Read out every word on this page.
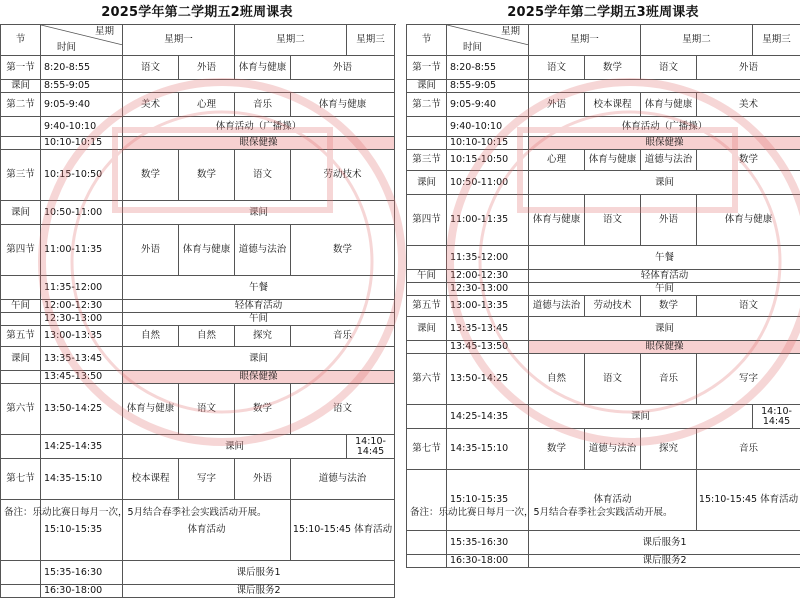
2025学年第二学期五2班周课表
节	星期
时间	星期一		星期二		星期三		
第一节	8:20-8:55	语文	外语	体育与健康	外语	
课间	8:55-9:05						
第二节	9:05-9:40	美术	心理	音乐	体育与健康	
	9:40-10:10	体育活动（广播操）					
	10:10-10:15	眼保健操					
第三节	10:15-10:50	数学	数学	语文	劳动技术	
课间	10:50-11:00	课间					
第四节	11:00-11:35	外语	体育与健康	道德与法治	数学	
	11:35-12:00	午餐					
午间	12:00-12:30	轻体育活动					
	12:30-13:00	午间					
第五节	13:00-13:35	自然	自然	探究	音乐	
课间	13:35-13:45	课间					
	13:45-13:50	眼保健操					
第六节	13:50-14:25	体育与健康	语文	数学	语文	
	14:25-14:35	课间				14:10-14:45	
第七节	14:35-15:10	校本课程	写字	外语	道德与法治	
	15:10-15:35	体育活动			15:10-15:45 体育活动	
	15:35-16:30	课后服务1					
	16:30-18:00	课后服务2					
备注：乐动比赛日每月一次，5月结合春季社会实践活动开展。
2025学年第二学期五3班周课表
节	星期
时间	星期一		星期二		星期三		
第一节	8:20-8:55	语文	数学	语文	外语	
课间	8:55-9:05						
第二节	9:05-9:40	外语	校本课程	体育与健康	美术	
	9:40-10:10	体育活动（广播操）					
	10:10-10:15	眼保健操					
第三节	10:15-10:50	心理	体育与健康	道德与法治	数学	
课间	10:50-11:00	课间					
第四节	11:00-11:35	体育与健康	语文	外语	体育与健康	
	11:35-12:00	午餐					
午间	12:00-12:30	轻体育活动					
	12:30-13:00	午间					
第五节	13:00-13:35	道德与法治	劳动技术	数学	语文	
课间	13:35-13:45	课间					
	13:45-13:50	眼保健操					
第六节	13:50-14:25	自然	语文	音乐	写字	
	14:25-14:35	课间				14:10-14:45	
第七节	14:35-15:10	数学	道德与法治	探究	音乐	
	15:10-15:35	体育活动			15:10-15:45 体育活动	
	15:35-16:30	课后服务1					
	16:30-18:00	课后服务2					
备注：乐动比赛日每月一次，5月结合春季社会实践活动开展。
